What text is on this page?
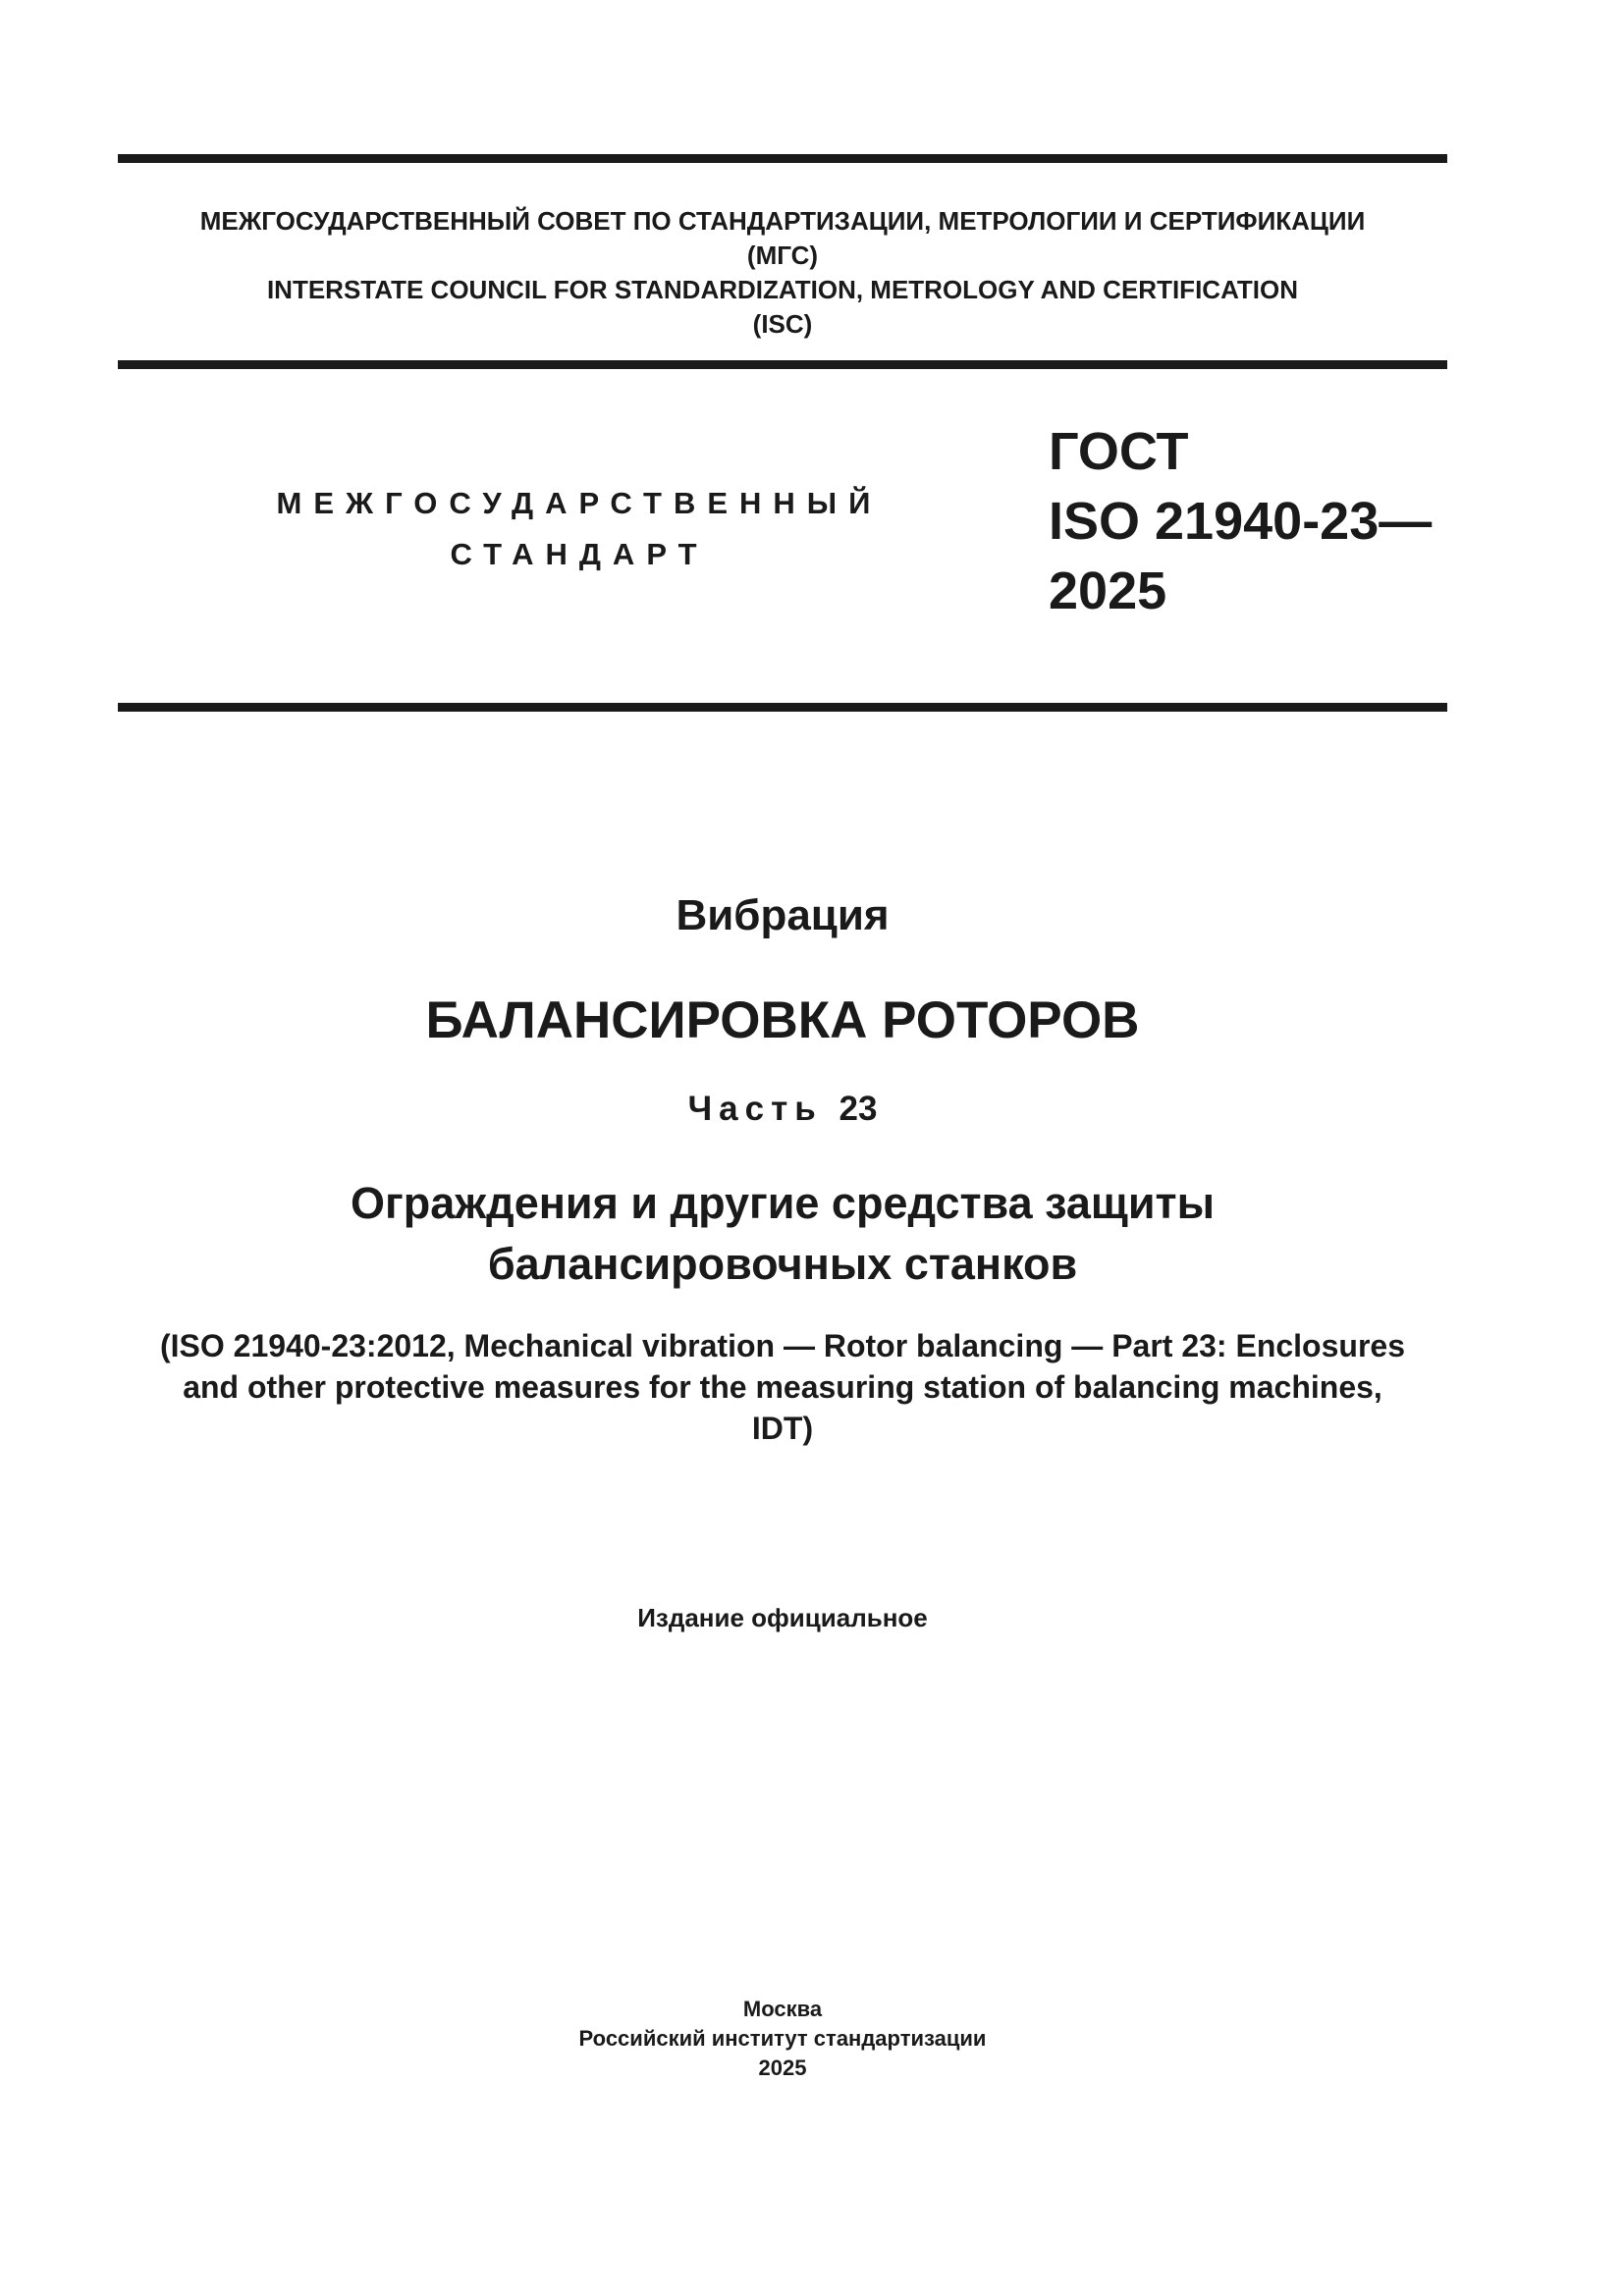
МЕЖГОСУДАРСТВЕННЫЙ СОВЕТ ПО СТАНДАРТИЗАЦИИ, МЕТРОЛОГИИ И СЕРТИФИКАЦИИ
(МГС)
INTERSTATE COUNCIL FOR STANDARDIZATION, METROLOGY AND CERTIFICATION
(ISC)
МЕЖГОСУДАРСТВЕННЫЙ
СТАНДАРТ
ГОСТ
ISO 21940-23—
2025
Вибрация
БАЛАНСИРОВКА РОТОРОВ
Часть 23
Ограждения и другие средства защиты
балансировочных станков
(ISO 21940-23:2012, Mechanical vibration — Rotor balancing — Part 23: Enclosures
and other protective measures for the measuring station of balancing machines,
IDT)
Издание официальное
Москва
Российский институт стандартизации
2025
